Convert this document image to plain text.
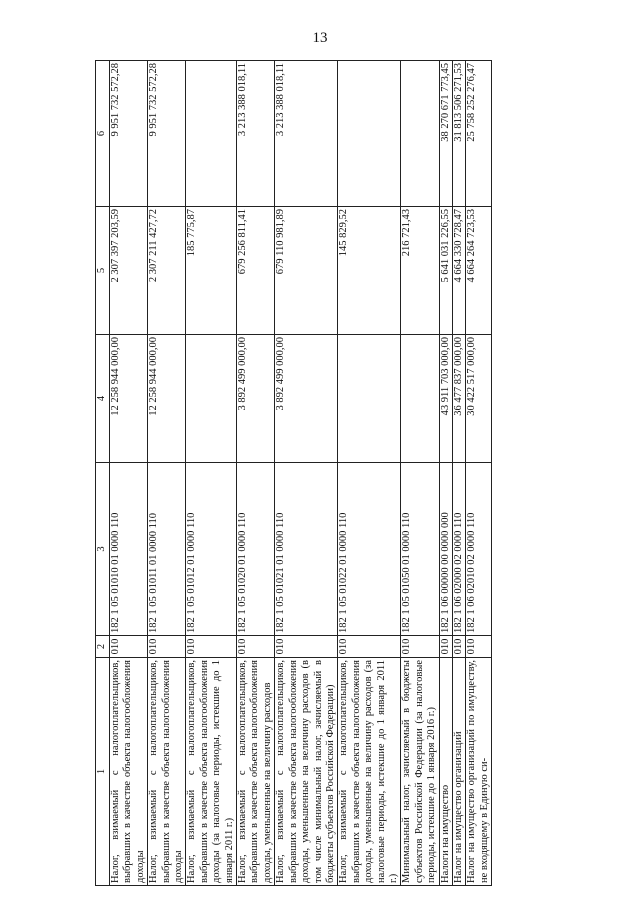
13
1	2	3	4	5	6
Налог, взимаемый с налогоплательщиков, выбравших в качестве объекта налогообложения доходы	010	182 1 05 01010 01 0000 110	12 258 944 000,00	2 307 397 203,59	9 951 732 572,28
Налог, взимаемый с налогоплательщиков, выбравших в качестве объекта налогообложения доходы	010	182 1 05 01011 01 0000 110	12 258 944 000,00	2 307 211 427,72	9 951 732 572,28
Налог, взимаемый с налогоплательщиков, выбравших в качестве объекта налогообложения доходы (за налоговые периоды, истекшие до 1 января 2011 г.)	010	182 1 05 01012 01 0000 110		185 775,87	
Налог, взимаемый с налогоплательщиков, выбравших в качестве объекта налогообложения доходы, уменьшенные на величину расходов	010	182 1 05 01020 01 0000 110	3 892 499 000,00	679 256 811,41	3 213 388 018,11
Налог, взимаемый с налогоплательщиков, выбравших в качестве объекта налогообложения доходы, уменьшенные на величину расходов (в том числе минимальный налог, зачисляемый в бюджеты субъектов Российской Федерации)	010	182 1 05 01021 01 0000 110	3 892 499 000,00	679 110 981,89	3 213 388 018,11
Налог, взимаемый с налогоплательщиков, выбравших в качестве объекта налогообложения доходы, уменьшенные на величину расходов (за налоговые периоды, истекшие до 1 января 2011 г.)	010	182 1 05 01022 01 0000 110		145 829,52	
Минимальный налог, зачисляемый в бюджеты субъектов Российской Федерации (за налоговые периоды, истекшие до 1 января 2016 г.)	010	182 1 05 01050 01 0000 110		216 721,43	
Налоги на имущество	010	182 1 06 00000 00 0000 000	43 911 703 000,00	5 641 031 226,55	38 270 671 773,45
Налог на имущество организаций	010	182 1 06 02000 02 0000 110	36 477 837 000,00	4 664 330 728,47	31 813 506 271,53
Налог на имущество организаций по имуществу, не входящему в Единую си-	010	182 1 06 02010 02 0000 110	30 422 517 000,00	4 664 264 723,53	25 758 252 276,47
